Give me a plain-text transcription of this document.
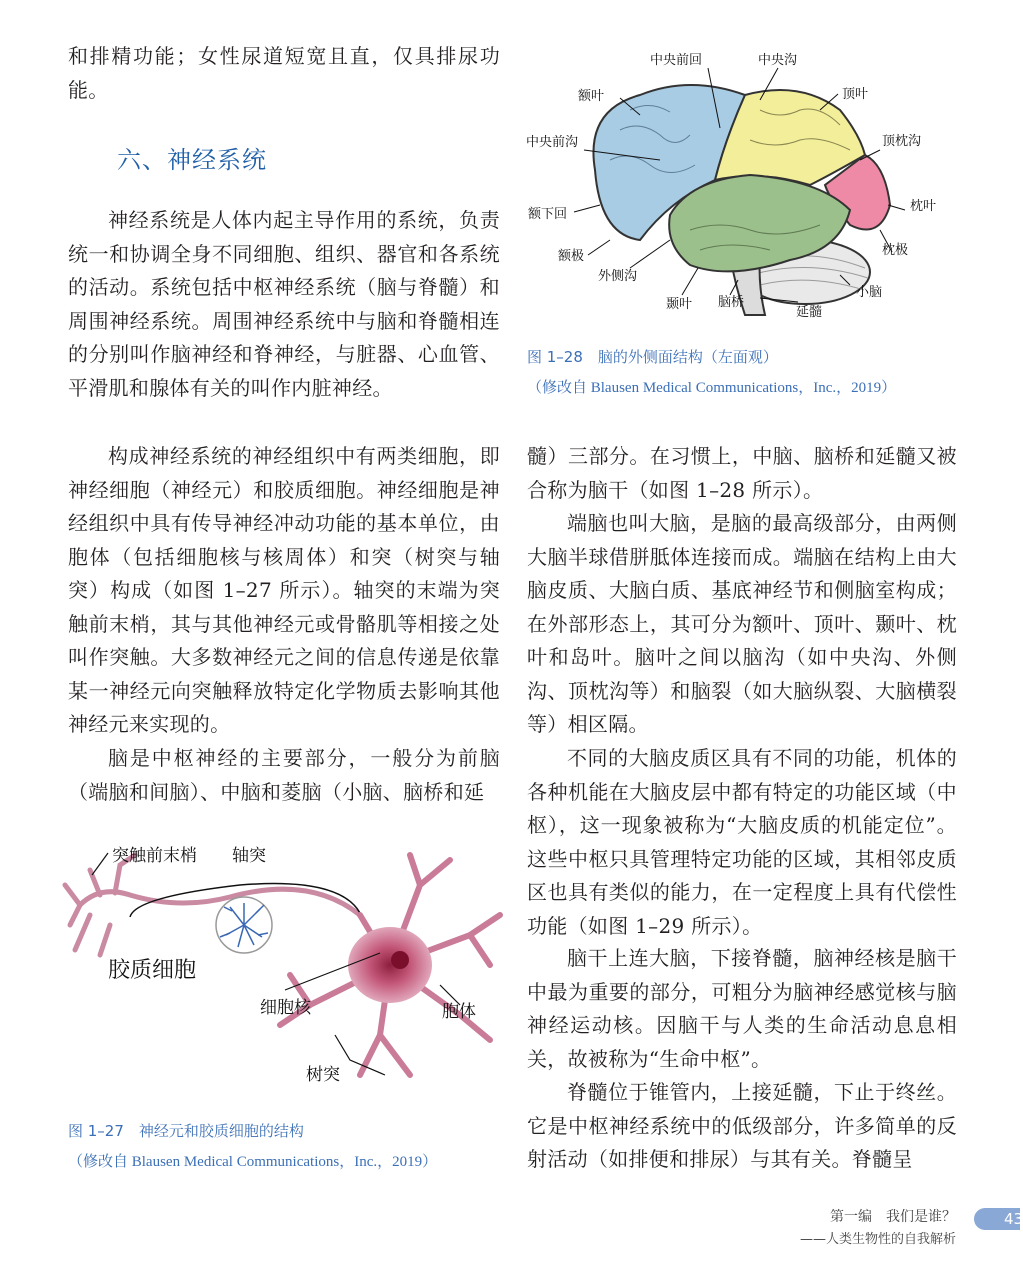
和排精功能；女性尿道短宽且直，仅具排尿功能。

六、神经系统

神经系统是人体内起主导作用的系统，负责统一和协调全身不同细胞、组织、器官和各系统的活动。系统包括中枢神经系统（脑与脊髓）和周围神经系统。周围神经系统中与脑和脊髓相连的分别叫作脑神经和脊神经，与脏器、心血管、平滑肌和腺体有关的叫作内脏神经。

构成神经系统的神经组织中有两类细胞，即神经细胞（神经元）和胶质细胞。神经细胞是神经组织中具有传导神经冲动功能的基本单位，由胞体（包括细胞核与核周体）和突（树突与轴突）构成（如图 1–27 所示）。轴突的末端为突触前末梢，其与其他神经元或骨骼肌等相接之处叫作突触。大多数神经元之间的信息传递是依靠某一神经元向突触释放特定化学物质去影响其他神经元来实现的。

脑是中枢神经的主要部分，一般分为前脑（端脑和间脑）、中脑和菱脑（小脑、脑桥和延

突触前末梢 轴突
胶质细胞
细胞核	胞体
树突

图 1–27　神经元和胶质细胞的结构

（修改自 Blausen Medical Communications，Inc.，2019）

中央前回	中央沟
额叶	顶叶
中央前沟	顶枕沟
额下回
枕叶
额极	枕极
外侧沟
小脑
颞叶 脑桥
延髓

图 1–28　脑的外侧面结构（左面观）

（修改自 Blausen Medical Communications，Inc.，2019）

髓）三部分。在习惯上，中脑、脑桥和延髓又被合称为脑干（如图 1–28 所示）。

端脑也叫大脑，是脑的最高级部分，由两侧大脑半球借胼胝体连接而成。端脑在结构上由大脑皮质、大脑白质、基底神经节和侧脑室构成；在外部形态上，其可分为额叶、顶叶、颞叶、枕叶和岛叶。脑叶之间以脑沟（如中央沟、外侧沟、顶枕沟等）和脑裂（如大脑纵裂、大脑横裂等）相区隔。

不同的大脑皮质区具有不同的功能，机体的各种机能在大脑皮层中都有特定的功能区域（中枢），这一现象被称为“大脑皮质的机能定位”。这些中枢只具管理特定功能的区域，其相邻皮质区也具有类似的能力，在一定程度上具有代偿性功能（如图 1–29 所示）。

脑干上连大脑，下接脊髓，脑神经核是脑干中最为重要的部分，可粗分为脑神经感觉核与脑神经运动核。因脑干与人类的生命活动息息相关，故被称为“生命中枢”。

脊髓位于锥管内，上接延髓，下止于终丝。它是中枢神经系统中的低级部分，许多简单的反射活动（如排便和排尿）与其有关。脊髓呈

第一编　我们是谁？
——人类生物性的自我解析
43
